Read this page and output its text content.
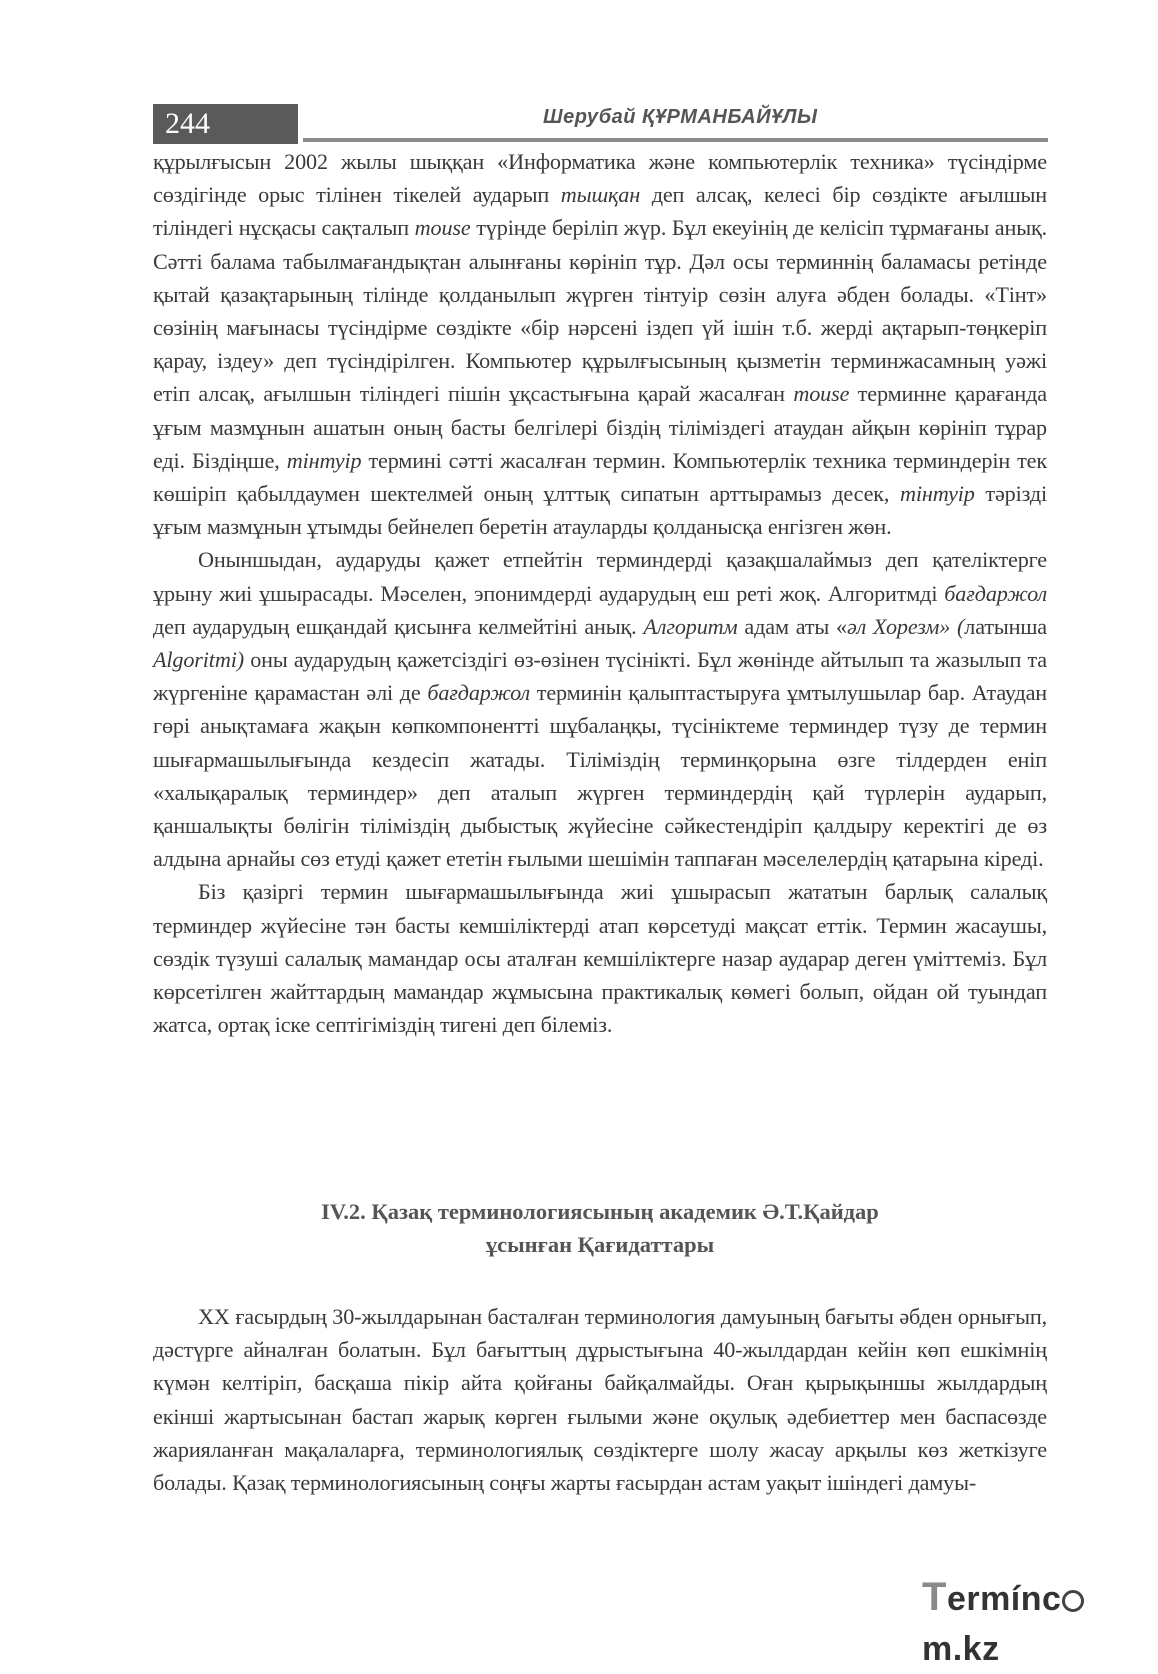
244	Шерубай ҚҰРМАНБАЙҰЛЫ

құрылғысын 2002 жылы шыққан «Информатика және компьютерлік техника» түсіндірме сөздігінде орыс тілінен тікелей аударып тышқан деп алсақ, келесі бір сөздікте ағылшын тіліндегі нұсқасы сақталып mouse түрінде беріліп жүр. Бұл екеуінің де келісіп тұрмағаны анық. Сәтті балама табылмағандықтан алынғаны көрініп тұр. Дәл осы терминнің баламасы ретінде қытай қазақтарының тілінде қолданылып жүрген тінтуір сөзін алуға әбден болады. «Тінт» сөзінің мағынасы түсіндірме сөздікте «бір нәрсені іздеп үй ішін т.б. жерді ақтарып-төңкеріп қарау, іздеу» деп түсіндірілген. Компьютер құрылғысының қызметін терминжасамның уәжі етіп алсақ, ағылшын тіліндегі пішін ұқсастығына қарай жасалған mouse терминне қарағанда ұғым мазмұнын ашатын оның басты белгілері біздің тіліміздегі атаудан айқын көрініп тұрар еді. Біздіңше, тінтуір термині сәтті жасалған термин. Компьютерлік техника терминдерін тек көшіріп қабылдаумен шектелмей оның ұлттық сипатын арттырамыз десек, тінтуір тәрізді ұғым мазмұнын ұтымды бейнелеп беретін атауларды қолданысқа енгізген жөн.

Оныншыдан, аударуды қажет етпейтін терминдерді қазақшалаймыз деп қателіктерге ұрыну жиі ұшырасады. Мәселен, эпонимдерді аударудың еш реті жоқ. Алгоритмді бағдаржол деп аударудың ешқандай қисынға келмейтіні анық. Алгоритм адам аты «әл Хорезм» (латынша Algoritmi) оны аударудың қажетсіздігі өз-өзінен түсінікті. Бұл жөнінде айтылып та жазылып та жүргеніне қарамастан әлі де бағдаржол терминін қалыптастыруға ұмтылушылар бар. Атаудан гөрі анықтамаға жақын көпкомпонентті шұбалаңқы, түсініктеме терминдер түзу де термин шығармашылығында кездесіп жатады. Тіліміздің терминқорына өзге тілдерден еніп «халықаралық терминдер» деп аталып жүрген терминдердің қай түрлерін аударып, қаншалықты бөлігін тіліміздің дыбыстық жүйесіне сәйкестендіріп қалдыру керектігі де өз алдына арнайы сөз етуді қажет ететін ғылыми шешімін таппаған мәселелердің қатарына кіреді.

Біз қазіргі термин шығармашылығында жиі ұшырасып жататын барлық салалық терминдер жүйесіне тән басты кемшіліктерді атап көрсетуді мақсат еттік. Термин жасаушы, сөздік түзуші салалық мамандар осы аталған кемшіліктерге назар аударар деген үміттеміз. Бұл көрсетілген жайттардың мамандар жұмысына практикалық көмегі болып, ойдан ой туындап жатса, ортақ іске септігіміздің тигені деп білеміз.

IV.2. Қазақ терминологиясының академик Ә.Т.Қайдар
ұсынған Қағидаттары

XX ғасырдың 30-жылдарынан басталған терминология дамуының бағыты әбден орнығып, дәстүрге айналған болатын. Бұл бағыттың дұрыстығына 40-жылдардан кейін көп ешкімнің күмән келтіріп, басқаша пікір айта қойғаны байқалмайды. Оған қырықыншы жылдардың екінші жартысынан бастап жарық көрген ғылыми және оқулық әдебиеттер мен баспасөзде жарияланған мақалаларға, терминологиялық сөздіктерге шолу жасау арқылы көз жеткізуге болады. Қазақ терминологиясының соңғы жарты ғасырдан астам уақыт ішіндегі дамуы-

Termíncm.kz
